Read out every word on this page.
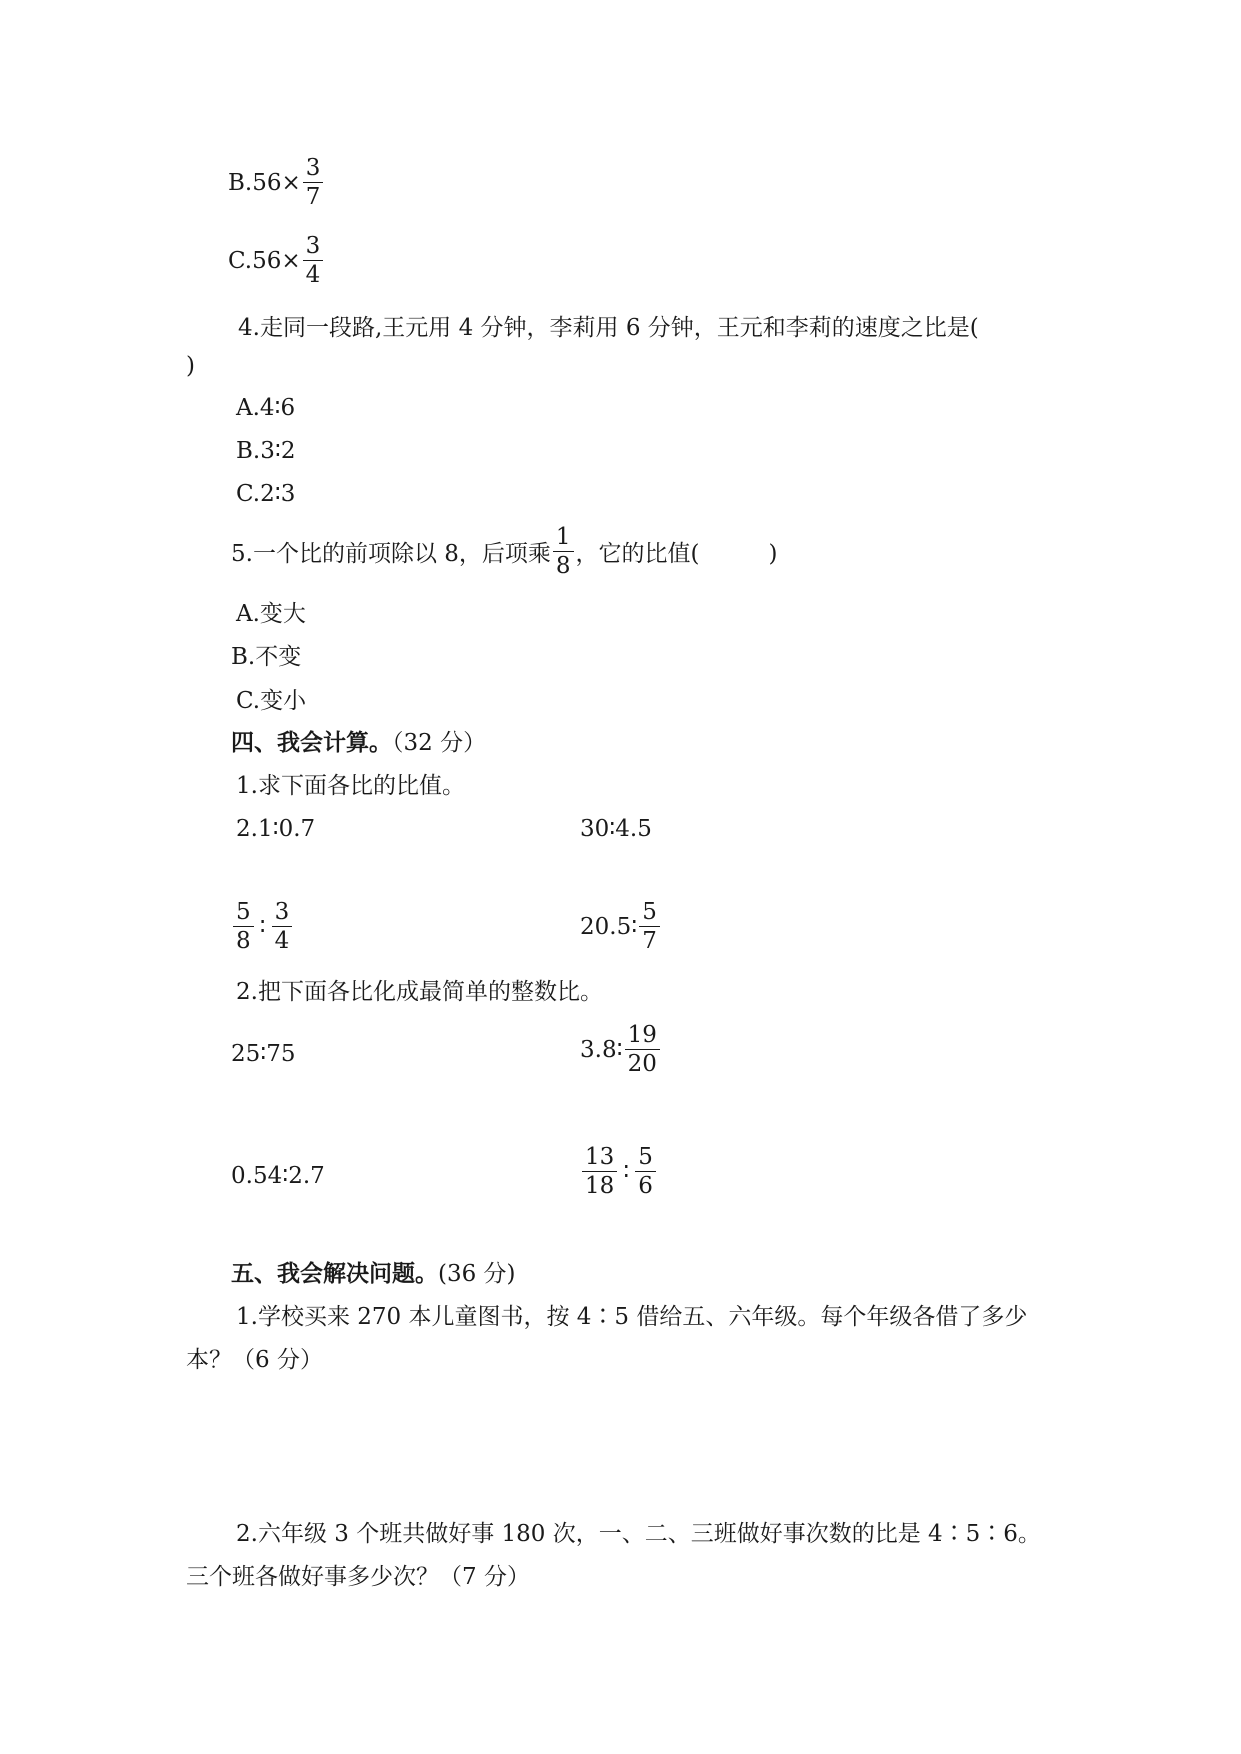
$B.56\times \frac{3}{7}$
$C.56\times \frac{3}{4}$
4.走同一段路,王元用 4 分钟，李莉用 6 分钟，王元和李莉的速度之比是(
)
A.4∶6
B.3∶2
C.2∶3
5.一个比的前项除以 8，后项乘 $\frac{1}{8}$ ，它的比值(　　　)
A.变大
B.不变
C.变小
四、我会计算。（32 分）
1.求下面各比的比值。
2.1∶0.7	30∶4.5
$\frac{5}{8}$ ∶ $\frac{3}{4}$	20.5∶ $\frac{5}{7}$
2.把下面各比化成最简单的整数比。
25∶75	3.8∶ $\frac{19}{20}$
0.54∶2.7	$\frac{13}{18}$ ∶ $\frac{5}{6}$
五、我会解决问题。(36 分)
1.学校买来 270 本儿童图书，按 4∶5 借给五、六年级。每个年级各借了多少
本？（6 分）
2.六年级 3 个班共做好事 180 次，一、二、三班做好事次数的比是 4∶5∶6。
三个班各做好事多少次？（7 分）
